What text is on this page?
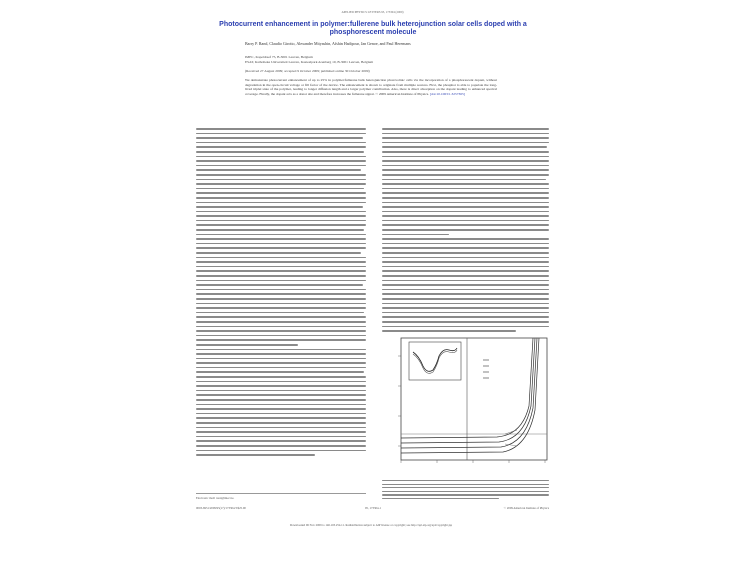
APPLIED PHYSICS LETTERS 95, 173304 (2009)
Photocurrent enhancement in polymer:fullerene bulk heterojunction solar cells doped with a phosphorescent molecule
Barry P. Rand, Claudio Girotto, Alexander Mityashin, Afshin Hadipour, Jan Genoe, and Paul Heremans
IMEC, Kapeldreef 75, B-3001 Leuven, Belgium
ESAT, Katholieke Universiteit Leuven, Kasteelpark Arenberg 10, B-3001 Leuven, Belgium
(Received 27 August 2009; accepted 9 October 2009; published online 30 October 2009)
We demonstrate photocurrent enhancement of up to 25% in polymer:fullerene bulk heterojunction photovoltaic cells via the incorporation of a phosphorescent dopant, without degradation in the open-circuit voltage or fill factor of the device. The enhancement is shown to originate from multiple sources. First, the phosphor is able to populate the long-lived triplet state of the polymer, leading to longer diffusion length and a larger polymer contribution. Also, there is direct absorption on the dopant leading to enhanced spectral coverage. Finally, the dopant acts as a donor site and therefore increases the fullerene signal. © 2009 American Institute of Physics. [doi:10.1063/1.3257365]
Electronic mail: rand@imec.be.
0003-6951/2009/95(17)/173304/3/$25.00	95, 173304-1	© 2009 American Institute of Physics
Downloaded 06 Nov 2009 to 146.103.254.11. Redistribution subject to AIP license or copyright; see http://apl.aip.org/apl/copyright.jsp
